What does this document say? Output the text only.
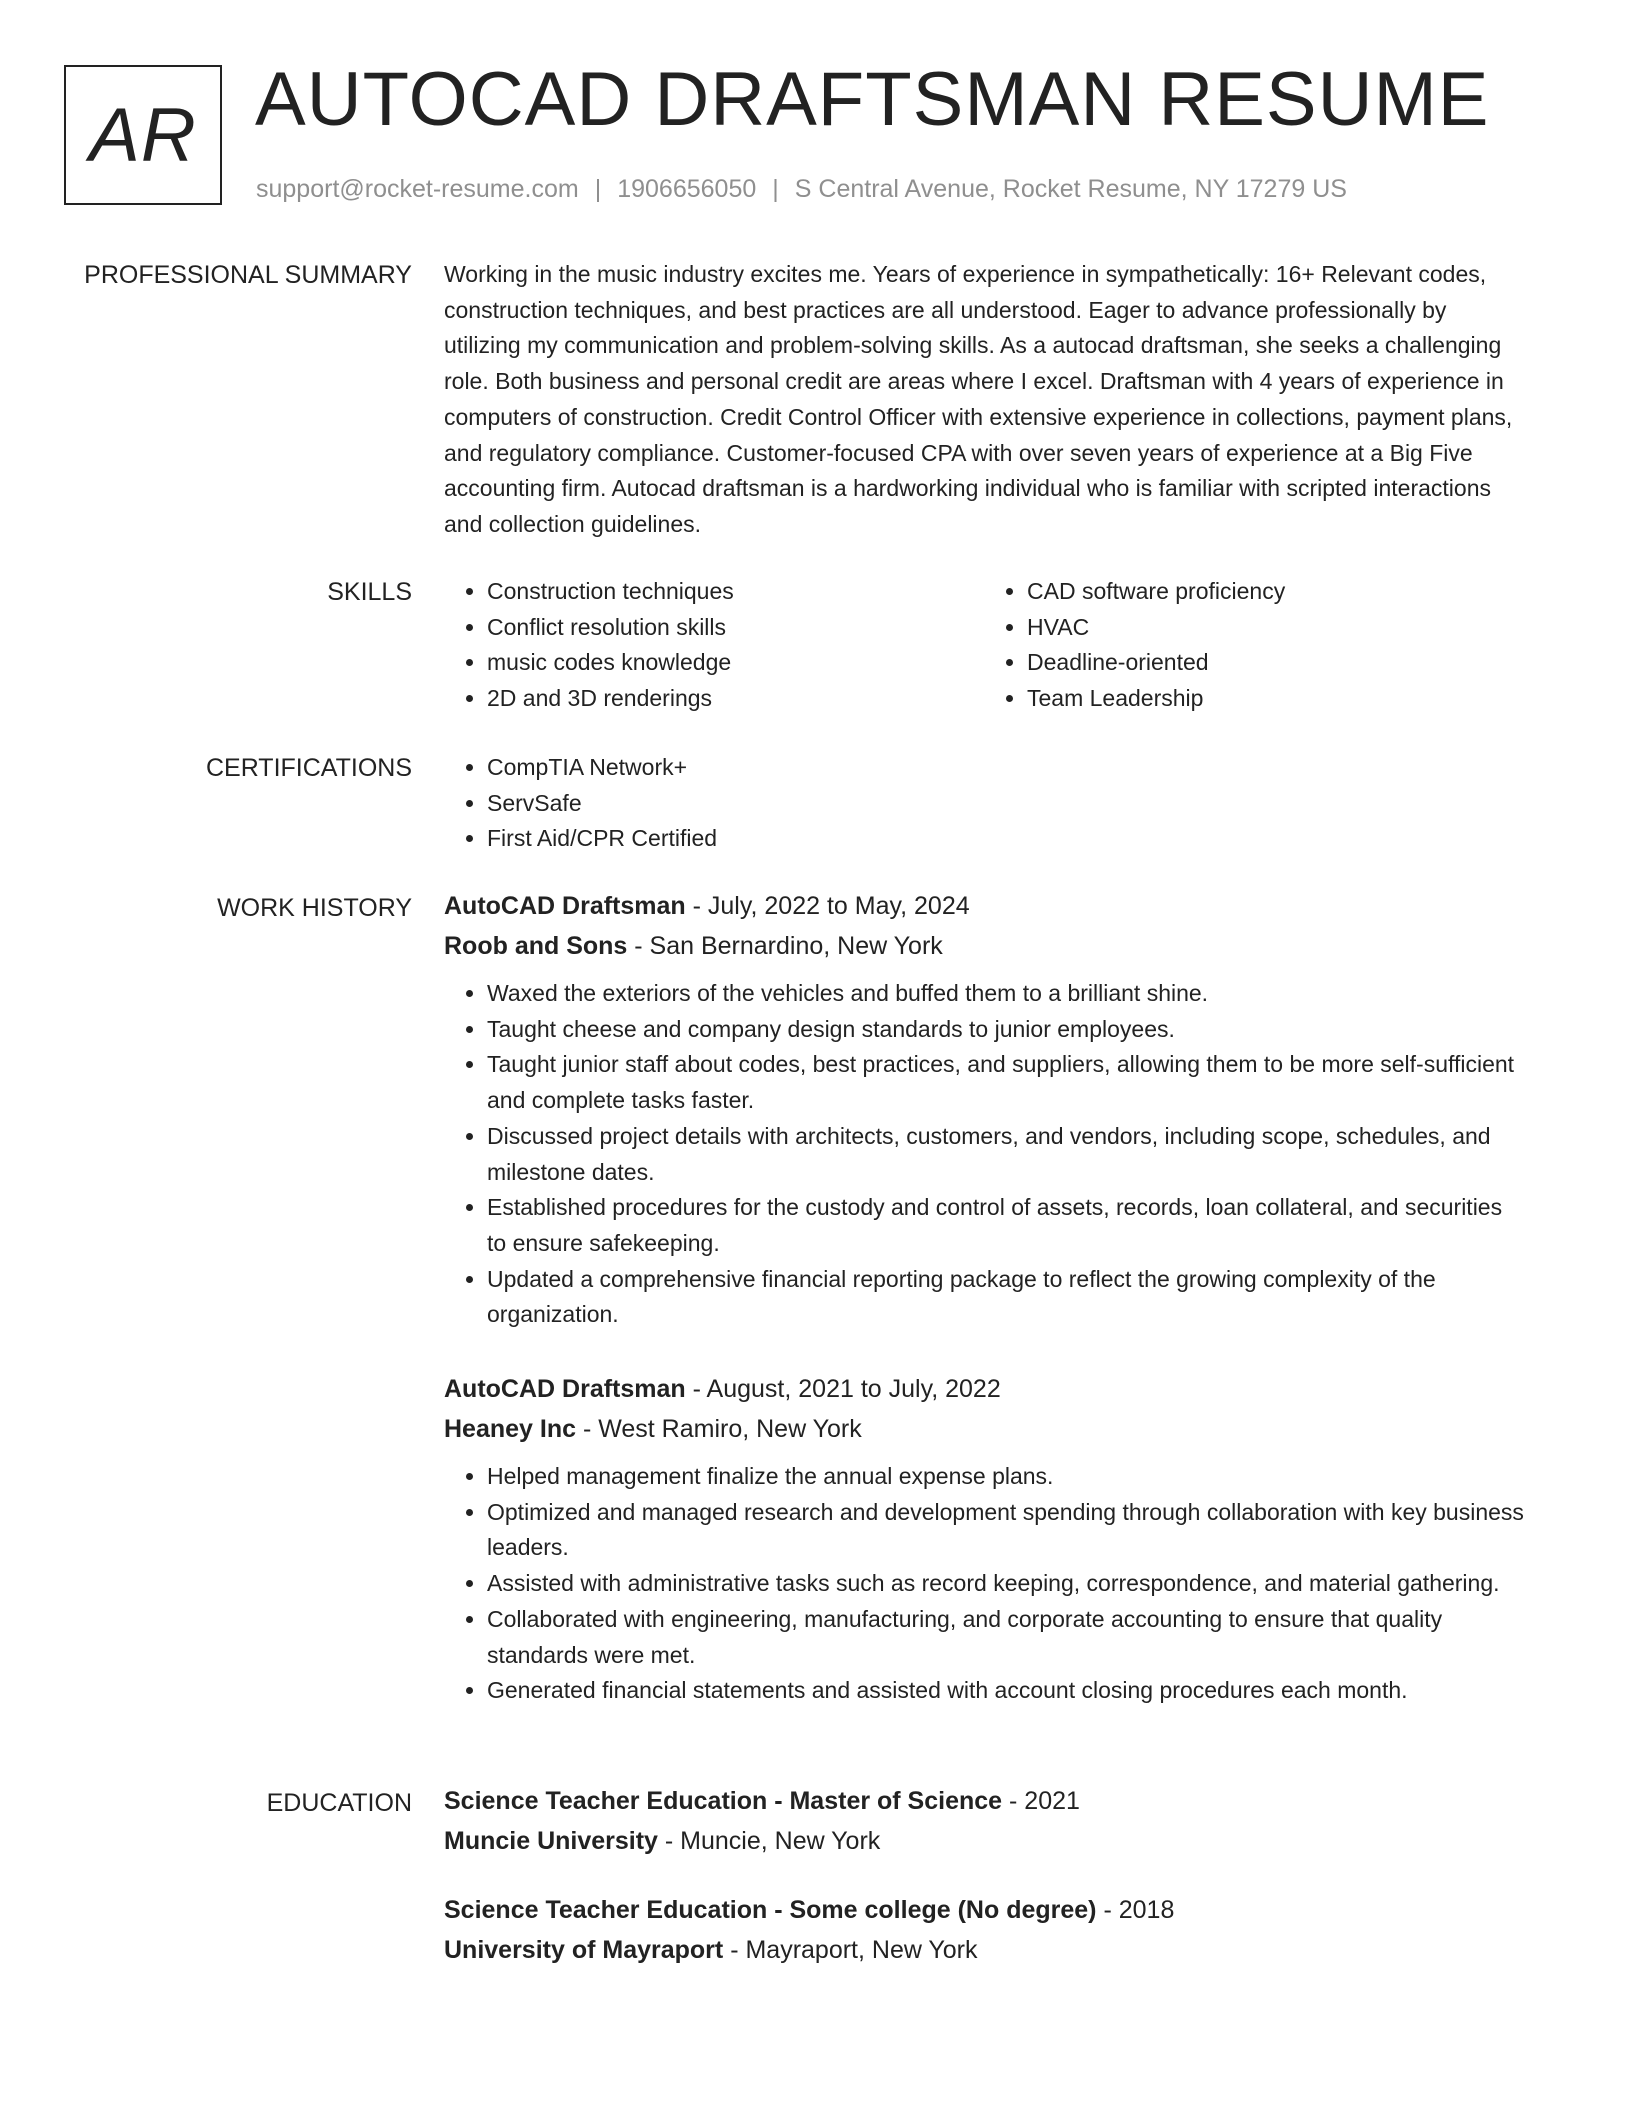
AR AUTOCAD DRAFTSMAN RESUME
support@rocket-resume.com | 1906656050 | S Central Avenue, Rocket Resume, NY 17279 US
PROFESSIONAL SUMMARY Working in the music industry excites me. Years of experience in sympathetically: 16+ Relevant codes, construction techniques, and best practices are all understood. Eager to advance professionally by utilizing my communication and problem-solving skills. As a autocad draftsman, she seeks a challenging role. Both business and personal credit are areas where I excel. Draftsman with 4 years of experience in computers of construction. Credit Control Officer with extensive experience in collections, payment plans, and regulatory compliance. Customer-focused CPA with over seven years of experience at a Big Five accounting firm. Autocad draftsman is a hardworking individual who is familiar with scripted interactions and collection guidelines.

SKILLS	• Construction techniques
• Conflict resolution skills
• music codes knowledge
• 2D and 3D renderings
• CAD software proficiency
• HVAC
• Deadline-oriented
• Team Leadership
CERTIFICATIONS	• CompTIA Network+
• ServSafe
• First Aid/CPR Certified
WORK HISTORY AutoCAD Draftsman - July, 2022 to May, 2024
Roob and Sons - San Bernardino, New York
• Waxed the exteriors of the vehicles and buffed them to a brilliant shine.
• Taught cheese and company design standards to junior employees.
• Taught junior staff about codes, best practices, and suppliers, allowing them to be more self-sufficient and complete tasks faster.
• Discussed project details with architects, customers, and vendors, including scope, schedules, and milestone dates.
• Established procedures for the custody and control of assets, records, loan collateral, and securities to ensure safekeeping.
• Updated a comprehensive financial reporting package to reflect the growing complexity of the organization.
AutoCAD Draftsman - August, 2021 to July, 2022
Heaney Inc - West Ramiro, New York
• Helped management finalize the annual expense plans.
• Optimized and managed research and development spending through collaboration with key business leaders.
• Assisted with administrative tasks such as record keeping, correspondence, and material gathering.
• Collaborated with engineering, manufacturing, and corporate accounting to ensure that quality standards were met.
• Generated financial statements and assisted with account closing procedures each month.
EDUCATION Science Teacher Education - Master of Science - 2021
Muncie University - Muncie, New York
Science Teacher Education - Some college (No degree) - 2018
University of Mayraport - Mayraport, New York
